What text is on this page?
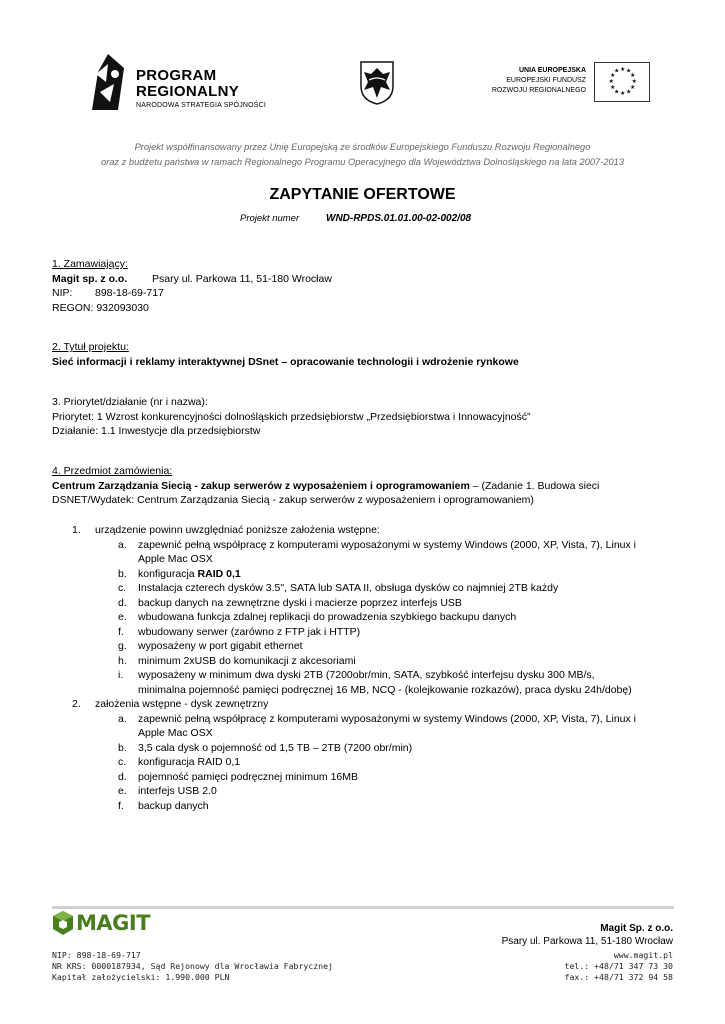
PROGRAM
REGIONALNY
NARODOWA STRATEGIA SPÓJNOŚCI
UNIA EUROPEJSKA
EUROPEJSKI FUNDUSZ
ROZWOJU REGIONALNEGO
★ ★
★
★
★
★
★
★
★
★
★
★
Projekt współfinansowany przez Unię Europejską ze środków Europejskiego Funduszu Rozwoju Regionalnego
oraz z budżetu państwa w ramach Regionalnego Programu Operacyjnego dla Województwa Dolnośląskiego na lata 2007-2013
ZAPYTANIE OFERTOWE
Projekt numer	WND-RPDS.01.01.00-02-002/08
1. Zamawiający:
Magit sp. z o.o. Psary ul. Parkowa 11, 51-180 Wrocław
NIP: 898-18-69-717
REGON: 932093030
2. Tytuł projektu:
Sieć informacji i reklamy interaktywnej DSnet – opracowanie technologii i wdrożenie rynkowe
3. Priorytet/działanie (nr i nazwa):
Priorytet: 1 Wzrost konkurencyjności dolnośląskich przedsiębiorstw „Przedsiębiorstwa i Innowacyjność”
Działanie: 1.1 Inwestycje dla przedsiębiorstw
4. Przedmiot zamówienia:
Centrum Zarządzania Siecią - zakup serwerów z wyposażeniem i oprogramowaniem – (Zadanie 1. Budowa sieci
DSNET/Wydatek: Centrum Zarządzania Siecią - zakup serwerów z wyposażeniem i oprogramowaniem)
1. urządzenie powinn uwzględniać poniższe założenia wstępne:
a. zapewnić pełną współpracę z komputerami wyposażonymi w systemy Windows (2000, XP, Vista, 7), Linux i
Apple Mac OSX
b. konfiguracja RAID 0,1
c. Instalacja czterech dysków 3.5", SATA lub SATA II, obsługa dysków co najmniej 2TB każdy
d. backup danych na zewnętrzne dyski i macierze poprzez interfejs USB
e. wbudowana funkcja zdalnej replikacji do prowadzenia szybkiego backupu danych
f. wbudowany serwer (zarówno z FTP jak i HTTP)
g. wyposażeny w port gigabit ethernet
h. minimum 2xUSB do komunikacji z akcesoriami
i. wyposażeny w minimum dwa dyski 2TB (7200obr/min, SATA, szybkość interfejsu dysku 300 MB/s,
minimalna pojemność pamięci podręcznej 16 MB, NCQ - (kolejkowanie rozkazów), praca dysku 24h/dobę)
2. założenia wstępne - dysk zewnętrzny
a. zapewnić pełną współpracę z komputerami wyposażonymi w systemy Windows (2000, XP, Vista, 7), Linux i
Apple Mac OSX
b. 3,5 cala dysk o pojemność od 1,5 TB – 2TB (7200 obr/min)
c. konfiguracja RAID 0,1
d. pojemność pamięci podręcznej minimum 16MB
e. interfejs USB 2.0
f. backup danych
MAGIT	Magit Sp. z o.o.
Psary ul. Parkowa 11, 51-180 Wrocław
NIP: 898-18-69-717
NR KRS: 0000187934, Sąd Rejonowy dla Wrocławia Fabrycznej
Kapitał założycielski: 1.990.000 PLN
www.magit.pl
tel.: +48/71 347 73 30
fax.: +48/71 372 94 58
